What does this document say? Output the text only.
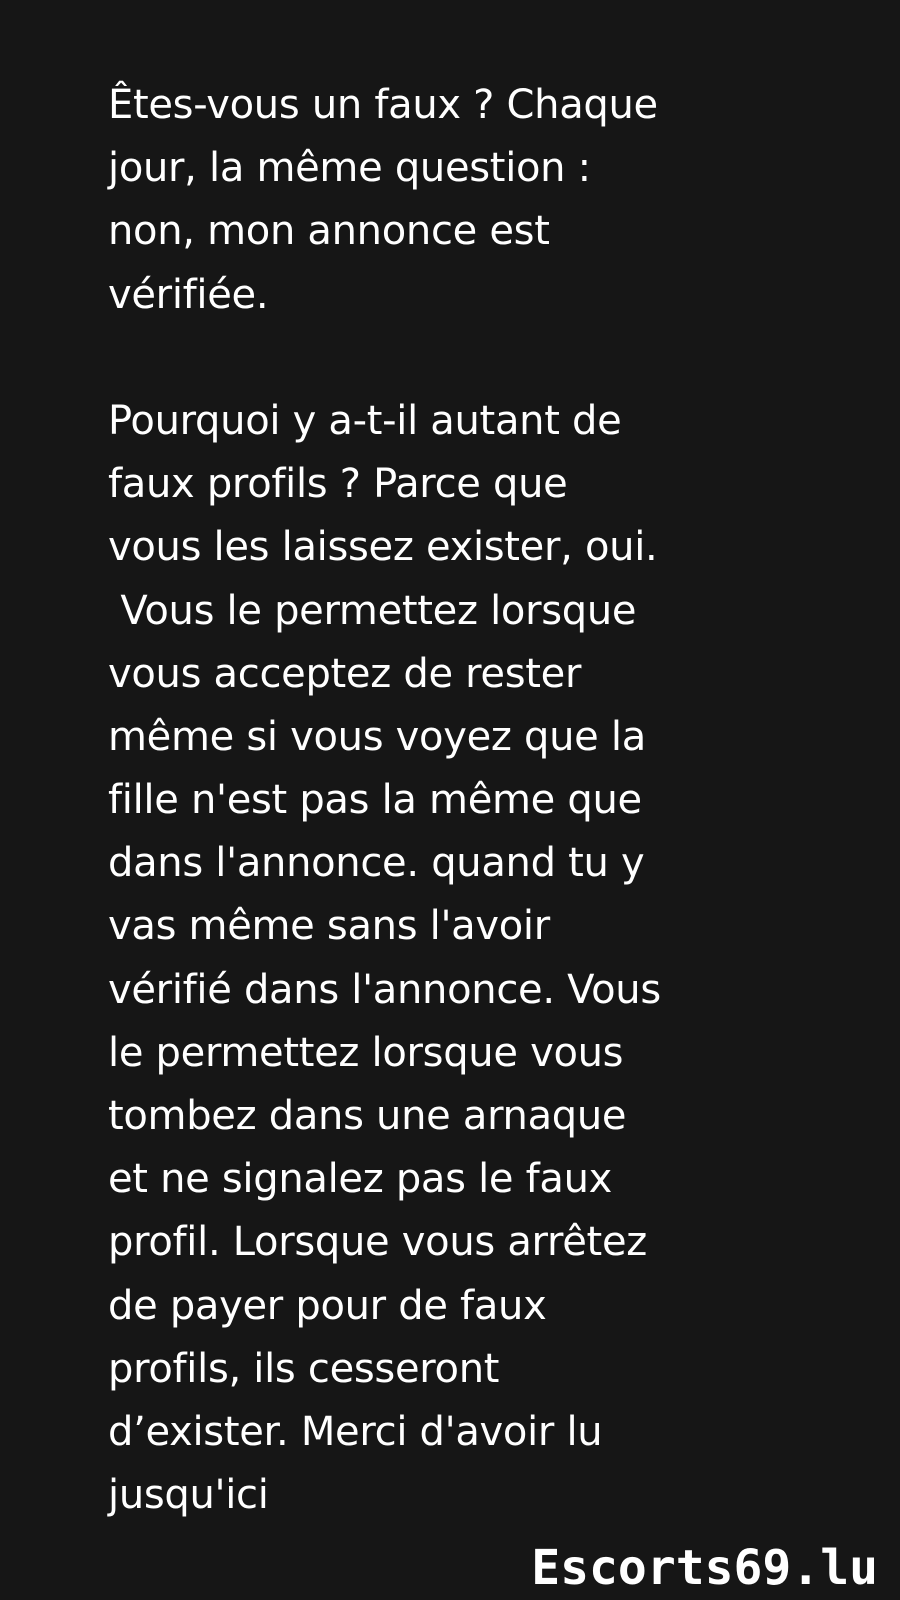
Êtes-vous un faux ? Chaque
jour, la même question :
non, mon annonce est
vérifiée.
Pourquoi y a-t-il autant de
faux profils ? Parce que
vous les laissez exister, oui.
Vous le permettez lorsque
vous acceptez de rester
même si vous voyez que la
fille n'est pas la même que
dans l'annonce. quand tu y
vas même sans l'avoir
vérifié dans l'annonce. Vous
le permettez lorsque vous
tombez dans une arnaque
et ne signalez pas le faux
profil. Lorsque vous arrêtez
de payer pour de faux
profils, ils cesseront
d’exister. Merci d'avoir lu
jusqu'ici
Escorts69.lu
